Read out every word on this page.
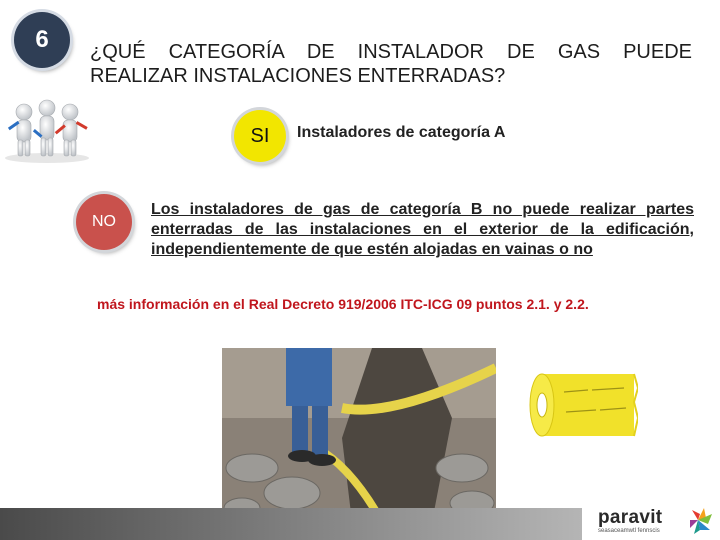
6 ¿QUÉ CATEGORÍA DE INSTALADOR DE GAS PUEDE
REALIZAR INSTALACIONES ENTERRADAS?
SI Instaladores de categoría A
NO
Los instaladores de gas de categoría B no puede realizar partes enterradas de las instalaciones en el exterior de la edificación, independientemente de que estén alojadas en vainas o no
más información en el Real Decreto 919/2006 ITC-ICG 09 puntos 2.1. y 2.2.
paravit
seasaceamwtl fennscis
